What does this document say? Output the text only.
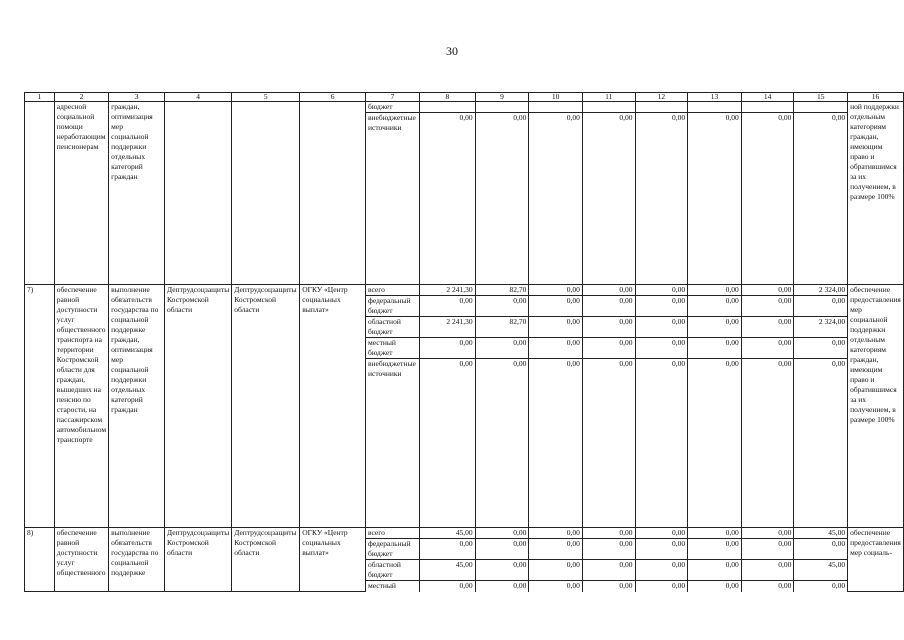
30
1	2	3	4	5	6	7	8	9	10	11	12	13	14	15	16
	адресной социальной помощи неработающим пенсионерам	граждан, оптимизация мер социальной поддержки отдельных категорий граждан				бюджет									ной поддержки отдельным категориям граждан, имеющим право и обратившимся за их получением, в размере 100%
						внебюджетные источники	0,00	0,00	0,00	0,00	0,00	0,00	0,00	0,00	
7)	обеспечение равной доступности услуг общественного транспорта на территории Костромской области для граждан, вышедших на пенсию по старости, на пассажирском автомобильном транспорте	выполнение обязательств государства по социальной поддержке граждан, оптимизация мер социальной поддержки отдельных категорий граждан	Дептрудсоцзащиты Костромской области	Дептрудсоцзащиты Костромской области	ОГКУ «Центр социальных выплат»	всего	2 241,30	82,70	0,00	0,00	0,00	0,00	0,00	2 324,00	обеспечение предоставления мер социальной поддержки отдельным категориям граждан, имеющим право и обратившимся за их получением, в размере 100%
						федеральный бюджет	0,00	0,00	0,00	0,00	0,00	0,00	0,00	0,00	
						областной бюджет	2 241,30	82,70	0,00	0,00	0,00	0,00	0,00	2 324,00	
						местный бюджет	0,00	0,00	0,00	0,00	0,00	0,00	0,00	0,00	
						внебюджетные источники	0,00	0,00	0,00	0,00	0,00	0,00	0,00	0,00	
8)	обеспечение равной доступности услуг общественного	выполнение обязательств государства по социальной поддержке	Дептрудсоцзащиты Костромской области	Дептрудсоцзащиты Костромской области	ОГКУ «Центр социальных выплат»	всего	45,00	0,00	0,00	0,00	0,00	0,00	0,00	45,00	обеспечение предоставления мер социаль-
						федеральный бюджет	0,00	0,00	0,00	0,00	0,00	0,00	0,00	0,00	
						областной бюджет	45,00	0,00	0,00	0,00	0,00	0,00	0,00	45,00	
						местный	0,00	0,00	0,00	0,00	0,00	0,00	0,00	0,00	
